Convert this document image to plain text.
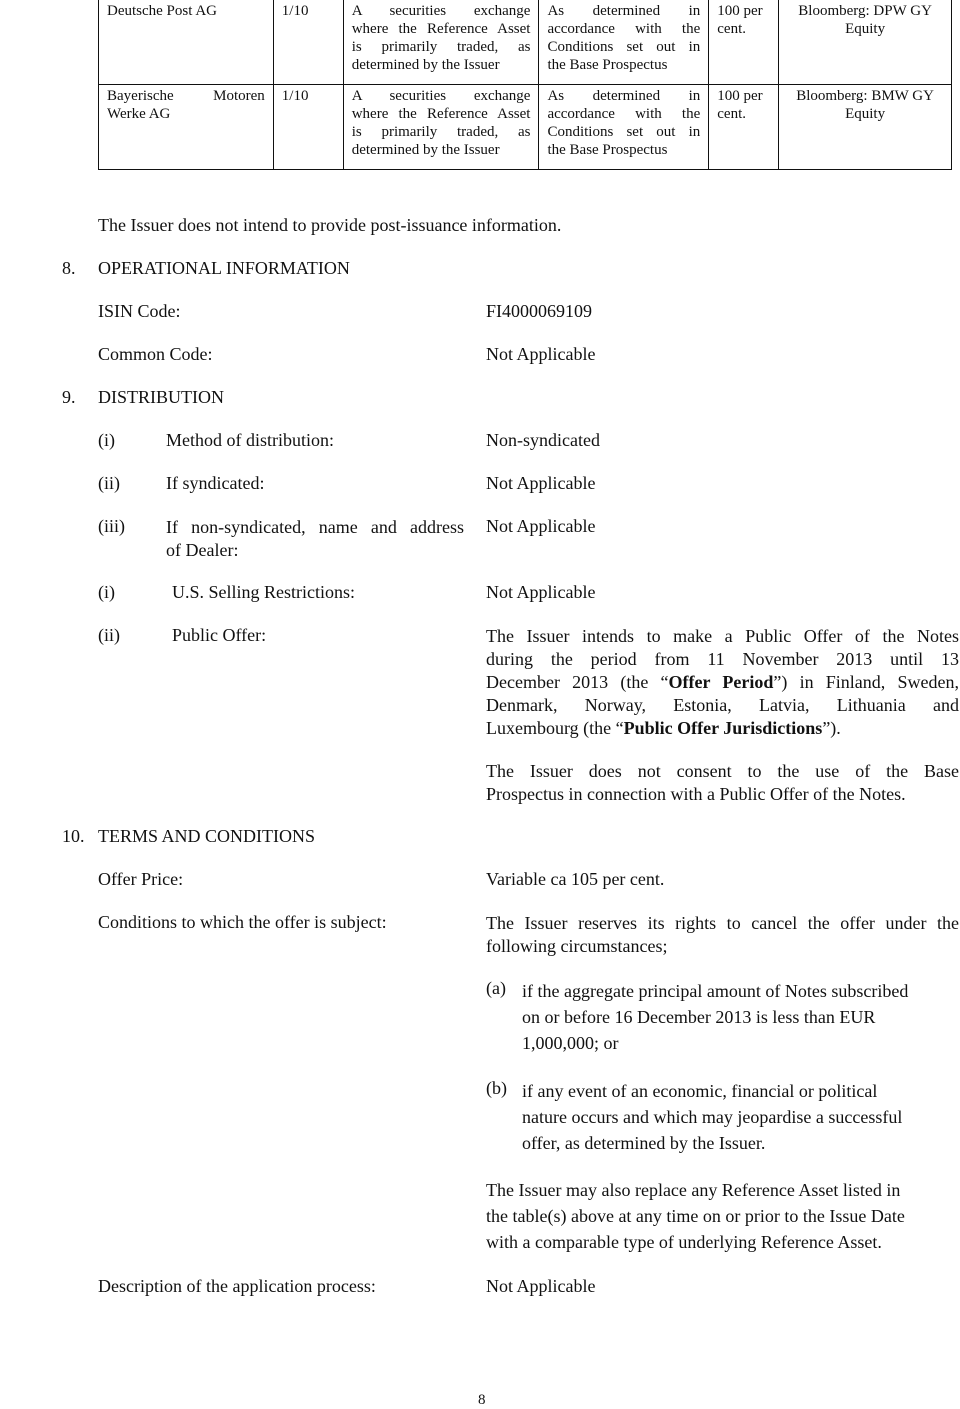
Deutsche Post AG	1/10	A securities exchange
where the Reference Asset
is primarily traded, as
determined by the Issuer	As determined in
accordance with the
Conditions set out in
the Base Prospectus	100 per
cent.	Bloomberg: DPW GY
Equity

Bayerische Motoren
Werke AG	1/10	A securities exchange
where the Reference Asset
is primarily traded, as
determined by the Issuer	As determined in
accordance with the
Conditions set out in
the Base Prospectus	100 per
cent.	Bloomberg: BMW GY
Equity
The Issuer does not intend to provide post-issuance information.
8. OPERATIONAL INFORMATION
ISIN Code:	FI4000069109
Common Code:	Not Applicable
9. DISTRIBUTION
(i)	Method of distribution:	Non-syndicated
(ii)	If syndicated:	Not Applicable
(iii) If non-syndicated, name and address
of Dealer:
Not Applicable
(i)	U.S. Selling Restrictions:	Not Applicable
(ii)	Public Offer:	The Issuer intends to make a Public Offer of the Notes
during the period from 11 November 2013 until 13
December 2013 (the “Offer Period”) in Finland, Sweden,
Denmark, Norway, Estonia, Latvia, Lithuania and
Luxembourg (the “Public Offer Jurisdictions”).
The Issuer does not consent to the use of the Base
Prospectus in connection with a Public Offer of the Notes.
10. TERMS AND CONDITIONS
Offer Price:	Variable ca 105 per cent.
Conditions to which the offer is subject:	The Issuer reserves its rights to cancel the offer under the
following circumstances;
(a) if the aggregate principal amount of Notes subscribed
on or before 16 December 2013 is less than EUR
1,000,000; or
(b) if any event of an economic, financial or political
nature occurs and which may jeopardise a successful
offer, as determined by the Issuer.
The Issuer may also replace any Reference Asset listed in
the table(s) above at any time on or prior to the Issue Date
with a comparable type of underlying Reference Asset.
Description of the application process:	Not Applicable
8
